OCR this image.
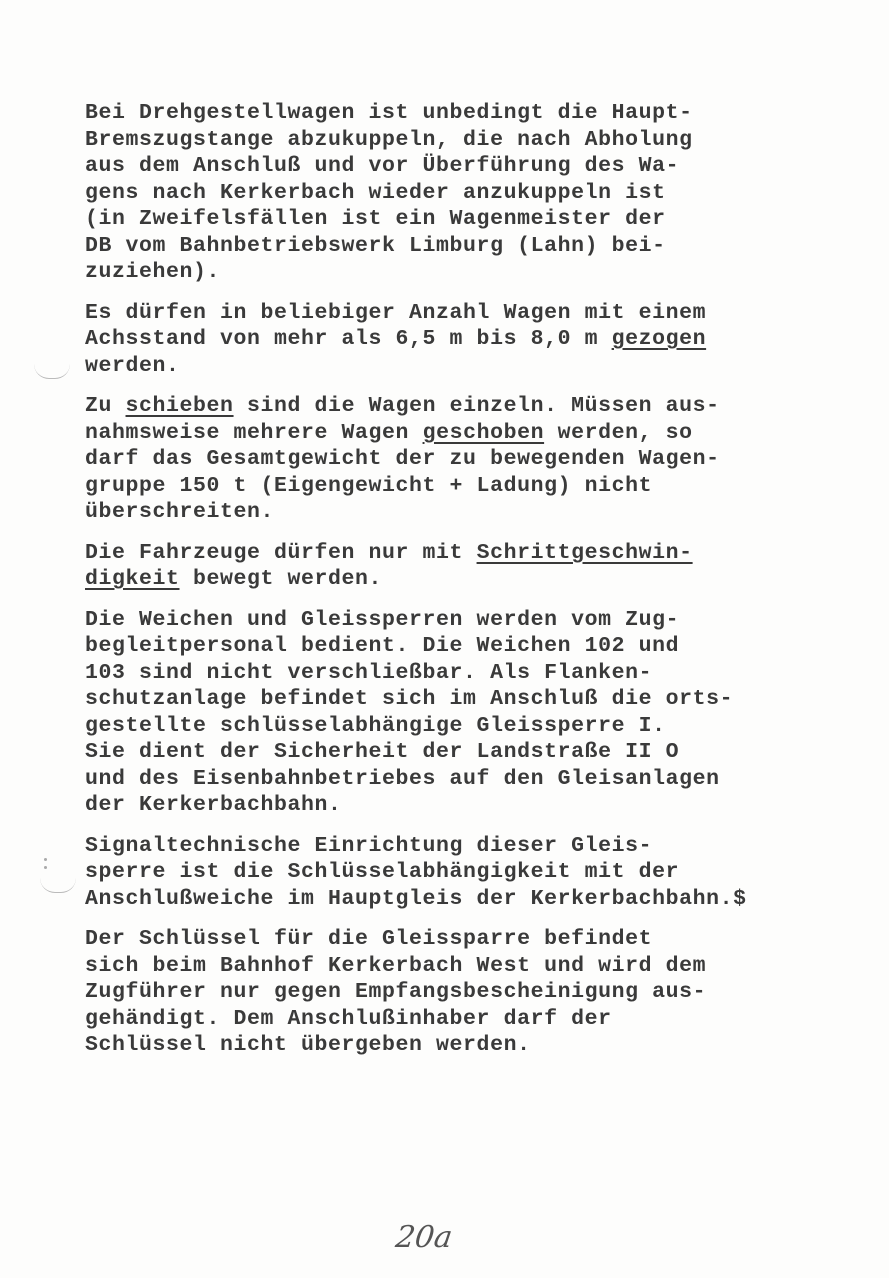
Bei Drehgestellwagen ist unbedingt die Haupt-
Bremszugstange abzukuppeln, die nach Abholung
aus dem Anschluß und vor Überführung des Wa-
gens nach Kerkerbach wieder anzukuppeln ist
(in Zweifelsfällen ist ein Wagenmeister der
DB vom Bahnbetriebswerk Limburg (Lahn) bei-
zuziehen).
Es dürfen in beliebiger Anzahl Wagen mit einem
Achsstand von mehr als 6,5 m bis 8,0 m gezogen
werden.
Zu schieben sind die Wagen einzeln. Müssen aus-
nahmsweise mehrere Wagen geschoben werden, so
darf das Gesamtgewicht der zu bewegenden Wagen-
gruppe 150 t (Eigengewicht + Ladung) nicht
überschreiten.
Die Fahrzeuge dürfen nur mit Schrittgeschwin-
digkeit bewegt werden.
Die Weichen und Gleissperren werden vom Zug-
begleitpersonal bedient. Die Weichen 102 und
103 sind nicht verschließbar. Als Flanken-
schutzanlage befindet sich im Anschluß die orts-
gestellte schlüsselabhängige Gleissperre I.
Sie dient der Sicherheit der Landstraße II O
und des Eisenbahnbetriebes auf den Gleisanlagen
der Kerkerbachbahn.
Signaltechnische Einrichtung dieser Gleis-
sperre ist die Schlüsselabhängigkeit mit der
Anschlußweiche im Hauptgleis der Kerkerbachbahn.$
Der Schlüssel für die Gleissparre befindet
sich beim Bahnhof Kerkerbach West und wird dem
Zugführer nur gegen Empfangsbescheinigung aus-
gehändigt. Dem Anschlußinhaber darf der
Schlüssel nicht übergeben werden.
20a
